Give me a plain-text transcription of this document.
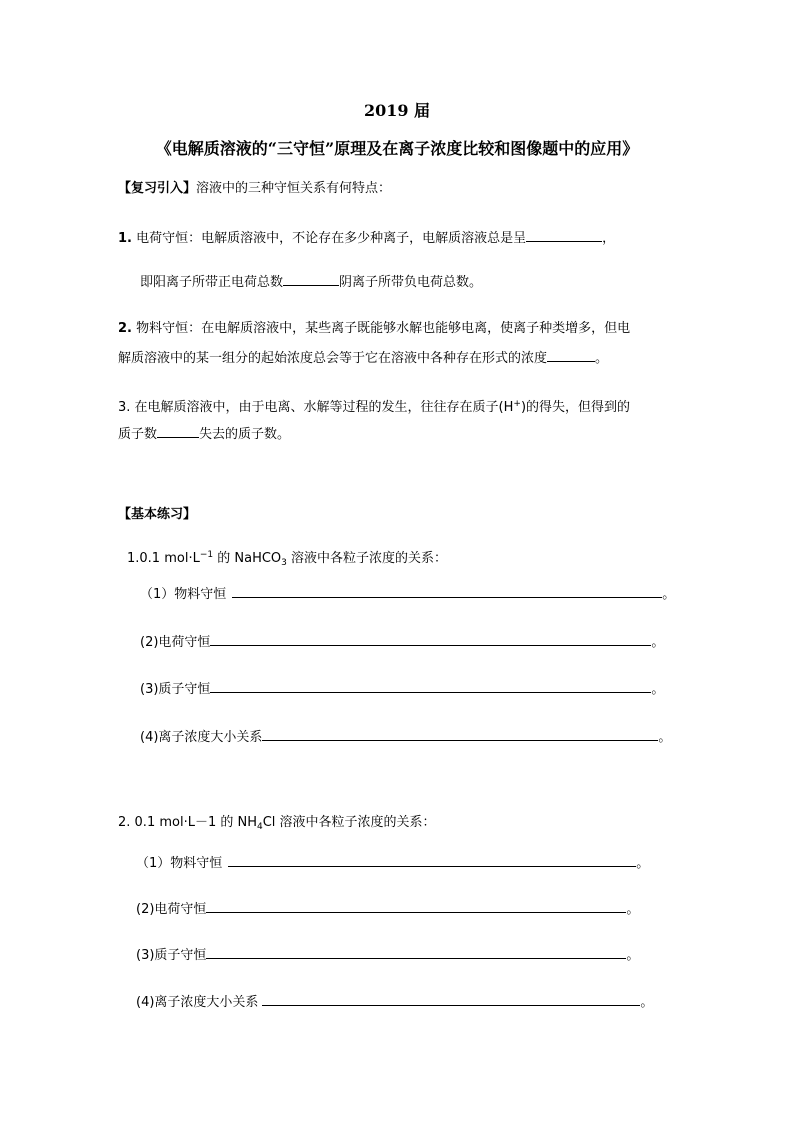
2019 届
《电解质溶液的“三守恒”原理及在离子浓度比较和图像题中的应用》
【复习引入】溶液中的三种守恒关系有何特点：
1. 电荷守恒：电解质溶液中，不论存在多少种离子，电解质溶液总是呈	，
即阳离子所带正电荷总数	阴离子所带负电荷总数。
2. 物料守恒：在电解质溶液中，某些离子既能够水解也能够电离，使离子种类增多，但电
解质溶液中的某一组分的起始浓度总会等于它在溶液中各种存在形式的浓度	。
3. 在电解质溶液中，由于电离、水解等过程的发生，往往存在质子(H+)的得失，但得到的
质子数	失去的质子数。
【基本练习】
1.0.1 $mol\cdot L^{-1}$ 的 NaHCO$_3$ 溶液中各粒子浓度的关系：
（1）物料守恒	。
(2)电荷守恒	。
(3)质子守恒	。
(4)离子浓度大小关系	。
2. 0.1 mol·L－1 的 $NH_4Cl$ 溶液中各粒子浓度的关系：
（1）物料守恒	。
(2)电荷守恒	。
(3)质子守恒	。
(4)离子浓度大小关系	。
